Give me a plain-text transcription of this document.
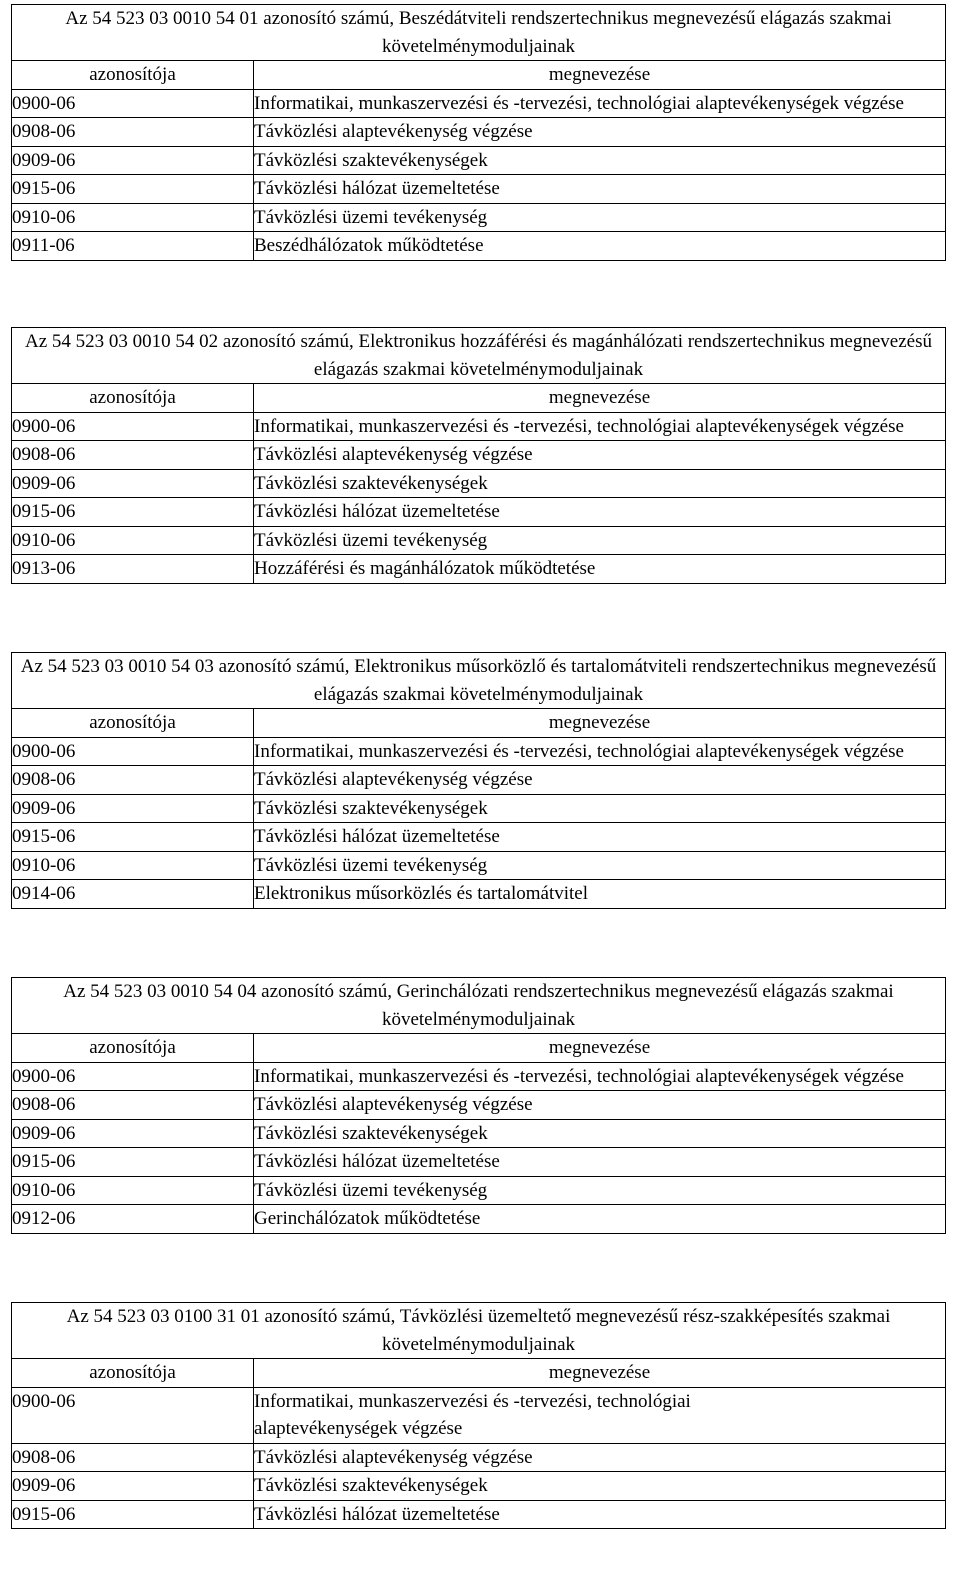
Az 54 523 03 0010 54 01 azonosító számú, Beszédátviteli rendszertechnikus megnevezésű elágazás szakmai követelménymoduljainak	
azonosítója	megnevezése
0900-06	Informatikai, munkaszervezési és -tervezési, technológiai alaptevékenységek végzése
0908-06	Távközlési alaptevékenység végzése
0909-06	Távközlési szaktevékenységek
0915-06	Távközlési hálózat üzemeltetése
0910-06	Távközlési üzemi tevékenység
0911-06	Beszédhálózatok működtetése
Az 54 523 03 0010 54 02 azonosító számú, Elektronikus hozzáférési és magánhálózati rendszertechnikus megnevezésű elágazás szakmai követelménymoduljainak	
azonosítója	megnevezése
0900-06	Informatikai, munkaszervezési és -tervezési, technológiai alaptevékenységek végzése
0908-06	Távközlési alaptevékenység végzése
0909-06	Távközlési szaktevékenységek
0915-06	Távközlési hálózat üzemeltetése
0910-06	Távközlési üzemi tevékenység
0913-06	Hozzáférési és magánhálózatok működtetése
Az 54 523 03 0010 54 03 azonosító számú, Elektronikus műsorközlő és tartalomátviteli rendszertechnikus megnevezésű elágazás szakmai követelménymoduljainak	
azonosítója	megnevezése
0900-06	Informatikai, munkaszervezési és -tervezési, technológiai alaptevékenységek végzése
0908-06	Távközlési alaptevékenység végzése
0909-06	Távközlési szaktevékenységek
0915-06	Távközlési hálózat üzemeltetése
0910-06	Távközlési üzemi tevékenység
0914-06	Elektronikus műsorközlés és tartalomátvitel
Az 54 523 03 0010 54 04 azonosító számú, Gerinchálózati rendszertechnikus megnevezésű elágazás szakmai követelménymoduljainak	
azonosítója	megnevezése
0900-06	Informatikai, munkaszervezési és -tervezési, technológiai alaptevékenységek végzése
0908-06	Távközlési alaptevékenység végzése
0909-06	Távközlési szaktevékenységek
0915-06	Távközlési hálózat üzemeltetése
0910-06	Távközlési üzemi tevékenység
0912-06	Gerinchálózatok működtetése
Az 54 523 03 0100 31 01 azonosító számú, Távközlési üzemeltető megnevezésű rész-szakképesítés szakmai követelménymoduljainak	
azonosítója	megnevezése
0900-06	Informatikai, munkaszervezési és -tervezési, technológiai alaptevékenységek végzése
0908-06	Távközlési alaptevékenység végzése
0909-06	Távközlési szaktevékenységek
0915-06	Távközlési hálózat üzemeltetése
